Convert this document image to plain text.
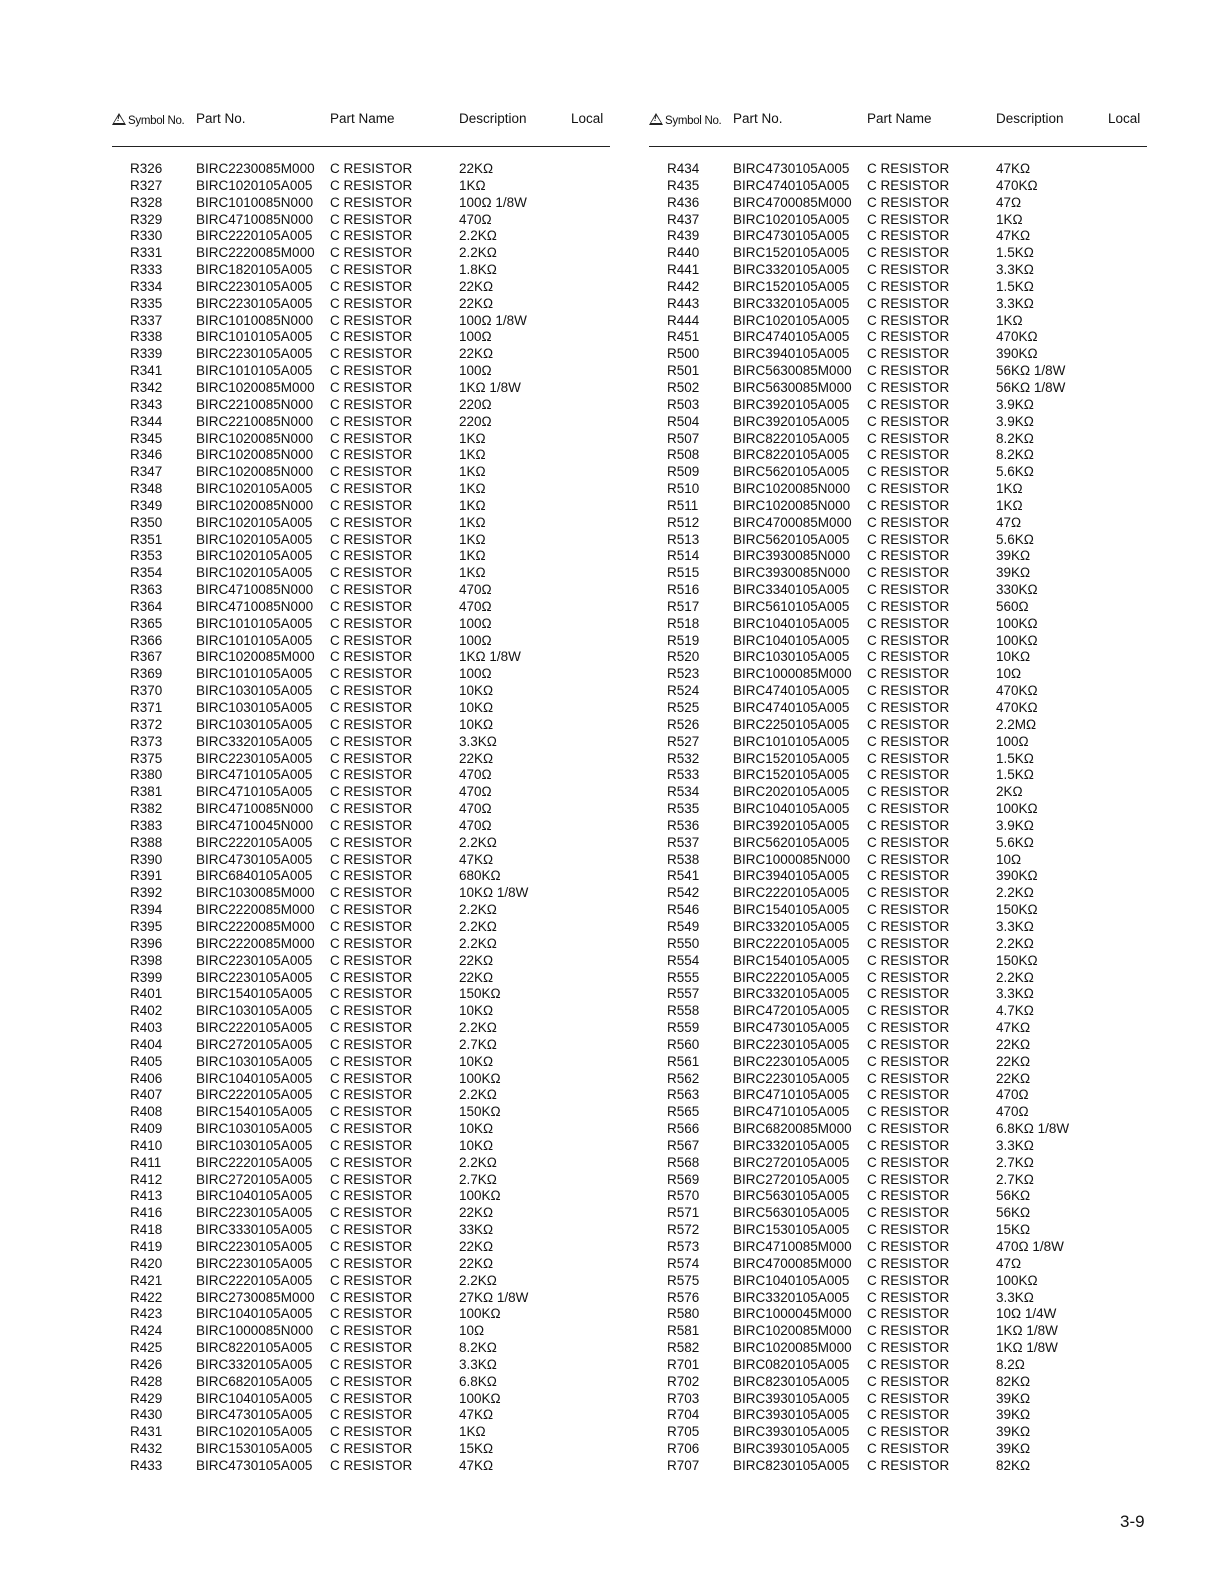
!Symbol No. Part No.	Part Name	Description	Local
R326 BIRC2230085M000 C RESISTOR	22KΩ
R327 BIRC1020105A005 C RESISTOR	1KΩ
R328 BIRC1010085N000 C RESISTOR	100Ω 1/8W
R329 BIRC4710085N000 C RESISTOR	470Ω
R330 BIRC2220105A005 C RESISTOR	2.2KΩ
R331 BIRC2220085M000 C RESISTOR	2.2KΩ
R333 BIRC1820105A005 C RESISTOR	1.8KΩ
R334 BIRC2230105A005 C RESISTOR	22KΩ
R335 BIRC2230105A005 C RESISTOR	22KΩ
R337 BIRC1010085N000 C RESISTOR	100Ω 1/8W
R338 BIRC1010105A005 C RESISTOR	100Ω
R339 BIRC2230105A005 C RESISTOR	22KΩ
R341 BIRC1010105A005 C RESISTOR	100Ω
R342 BIRC1020085M000 C RESISTOR	1KΩ 1/8W
R343 BIRC2210085N000 C RESISTOR	220Ω
R344 BIRC2210085N000 C RESISTOR	220Ω
R345 BIRC1020085N000 C RESISTOR	1KΩ
R346 BIRC1020085N000 C RESISTOR	1KΩ
R347 BIRC1020085N000 C RESISTOR	1KΩ
R348 BIRC1020105A005 C RESISTOR	1KΩ
R349 BIRC1020085N000 C RESISTOR	1KΩ
R350 BIRC1020105A005 C RESISTOR	1KΩ
R351 BIRC1020105A005 C RESISTOR	1KΩ
R353 BIRC1020105A005 C RESISTOR	1KΩ
R354 BIRC1020105A005 C RESISTOR	1KΩ
R363 BIRC4710085N000 C RESISTOR	470Ω
R364 BIRC4710085N000 C RESISTOR	470Ω
R365 BIRC1010105A005 C RESISTOR	100Ω
R366 BIRC1010105A005 C RESISTOR	100Ω
R367 BIRC1020085M000 C RESISTOR	1KΩ 1/8W
R369 BIRC1010105A005 C RESISTOR	100Ω
R370 BIRC1030105A005 C RESISTOR	10KΩ
R371 BIRC1030105A005 C RESISTOR	10KΩ
R372 BIRC1030105A005 C RESISTOR	10KΩ
R373 BIRC3320105A005 C RESISTOR	3.3KΩ
R375 BIRC2230105A005 C RESISTOR	22KΩ
R380 BIRC4710105A005 C RESISTOR	470Ω
R381 BIRC4710105A005 C RESISTOR	470Ω
R382 BIRC4710085N000 C RESISTOR	470Ω
R383 BIRC4710045N000 C RESISTOR	470Ω
R388 BIRC2220105A005 C RESISTOR	2.2KΩ
R390 BIRC4730105A005 C RESISTOR	47KΩ
R391 BIRC6840105A005 C RESISTOR	680KΩ
R392 BIRC1030085M000 C RESISTOR	10KΩ 1/8W
R394 BIRC2220085M000 C RESISTOR	2.2KΩ
R395 BIRC2220085M000 C RESISTOR	2.2KΩ
R396 BIRC2220085M000 C RESISTOR	2.2KΩ
R398 BIRC2230105A005 C RESISTOR	22KΩ
R399 BIRC2230105A005 C RESISTOR	22KΩ
R401 BIRC1540105A005 C RESISTOR	150KΩ
R402 BIRC1030105A005 C RESISTOR	10KΩ
R403 BIRC2220105A005 C RESISTOR	2.2KΩ
R404 BIRC2720105A005 C RESISTOR	2.7KΩ
R405 BIRC1030105A005 C RESISTOR	10KΩ
R406 BIRC1040105A005 C RESISTOR	100KΩ
R407 BIRC2220105A005 C RESISTOR	2.2KΩ
R408 BIRC1540105A005 C RESISTOR	150KΩ
R409 BIRC1030105A005 C RESISTOR	10KΩ
R410 BIRC1030105A005 C RESISTOR	10KΩ
R411	BIRC2220105A005 C RESISTOR	2.2KΩ
R412 BIRC2720105A005 C RESISTOR	2.7KΩ
R413 BIRC1040105A005 C RESISTOR	100KΩ
R416 BIRC2230105A005 C RESISTOR	22KΩ
R418 BIRC3330105A005 C RESISTOR	33KΩ
R419 BIRC2230105A005 C RESISTOR	22KΩ
R420 BIRC2230105A005 C RESISTOR	22KΩ
R421 BIRC2220105A005 C RESISTOR	2.2KΩ
R422 BIRC2730085M000 C RESISTOR	27KΩ 1/8W
R423 BIRC1040105A005 C RESISTOR	100KΩ
R424 BIRC1000085N000 C RESISTOR	10Ω
R425 BIRC8220105A005 C RESISTOR	8.2KΩ
R426 BIRC3320105A005 C RESISTOR	3.3KΩ
R428 BIRC6820105A005 C RESISTOR	6.8KΩ
R429 BIRC1040105A005 C RESISTOR	100KΩ
R430 BIRC4730105A005 C RESISTOR	47KΩ
R431 BIRC1020105A005 C RESISTOR	1KΩ
R432 BIRC1530105A005 C RESISTOR	15KΩ
R433 BIRC4730105A005 C RESISTOR	47KΩ
!Symbol No. Part No.	Part Name	Description	Local
R434 BIRC4730105A005 C RESISTOR	47KΩ
R435 BIRC4740105A005 C RESISTOR	470KΩ
R436 BIRC4700085M000 C RESISTOR	47Ω
R437 BIRC1020105A005 C RESISTOR	1KΩ
R439 BIRC4730105A005 C RESISTOR	47KΩ
R440 BIRC1520105A005 C RESISTOR	1.5KΩ
R441 BIRC3320105A005 C RESISTOR	3.3KΩ
R442 BIRC1520105A005 C RESISTOR	1.5KΩ
R443 BIRC3320105A005 C RESISTOR	3.3KΩ
R444 BIRC1020105A005 C RESISTOR	1KΩ
R451 BIRC4740105A005 C RESISTOR	470KΩ
R500 BIRC3940105A005 C RESISTOR	390KΩ
R501 BIRC5630085M000 C RESISTOR	56KΩ 1/8W
R502 BIRC5630085M000 C RESISTOR	56KΩ 1/8W
R503 BIRC3920105A005 C RESISTOR	3.9KΩ
R504 BIRC3920105A005 C RESISTOR	3.9KΩ
R507 BIRC8220105A005 C RESISTOR	8.2KΩ
R508 BIRC8220105A005 C RESISTOR	8.2KΩ
R509 BIRC5620105A005 C RESISTOR	5.6KΩ
R510 BIRC1020085N000 C RESISTOR	1KΩ
R511	BIRC1020085N000 C RESISTOR	1KΩ
R512 BIRC4700085M000 C RESISTOR	47Ω
R513 BIRC5620105A005 C RESISTOR	5.6KΩ
R514 BIRC3930085N000 C RESISTOR	39KΩ
R515 BIRC3930085N000 C RESISTOR	39KΩ
R516 BIRC3340105A005 C RESISTOR	330KΩ
R517 BIRC5610105A005 C RESISTOR	560Ω
R518 BIRC1040105A005 C RESISTOR	100KΩ
R519 BIRC1040105A005 C RESISTOR	100KΩ
R520 BIRC1030105A005 C RESISTOR	10KΩ
R523 BIRC1000085M000 C RESISTOR	10Ω
R524 BIRC4740105A005 C RESISTOR	470KΩ
R525 BIRC4740105A005 C RESISTOR	470KΩ
R526 BIRC2250105A005 C RESISTOR	2.2MΩ
R527 BIRC1010105A005 C RESISTOR	100Ω
R532 BIRC1520105A005 C RESISTOR	1.5KΩ
R533 BIRC1520105A005 C RESISTOR	1.5KΩ
R534 BIRC2020105A005 C RESISTOR	2KΩ
R535 BIRC1040105A005 C RESISTOR	100KΩ
R536 BIRC3920105A005 C RESISTOR	3.9KΩ
R537 BIRC5620105A005 C RESISTOR	5.6KΩ
R538 BIRC1000085N000 C RESISTOR	10Ω
R541 BIRC3940105A005 C RESISTOR	390KΩ
R542 BIRC2220105A005 C RESISTOR	2.2KΩ
R546 BIRC1540105A005 C RESISTOR	150KΩ
R549 BIRC3320105A005 C RESISTOR	3.3KΩ
R550 BIRC2220105A005 C RESISTOR	2.2KΩ
R554 BIRC1540105A005 C RESISTOR	150KΩ
R555 BIRC2220105A005 C RESISTOR	2.2KΩ
R557 BIRC3320105A005 C RESISTOR	3.3KΩ
R558 BIRC4720105A005 C RESISTOR	4.7KΩ
R559 BIRC4730105A005 C RESISTOR	47KΩ
R560 BIRC2230105A005 C RESISTOR	22KΩ
R561 BIRC2230105A005 C RESISTOR	22KΩ
R562 BIRC2230105A005 C RESISTOR	22KΩ
R563 BIRC4710105A005 C RESISTOR	470Ω
R565 BIRC4710105A005 C RESISTOR	470Ω
R566 BIRC6820085M000 C RESISTOR	6.8KΩ 1/8W
R567 BIRC3320105A005 C RESISTOR	3.3KΩ
R568 BIRC2720105A005 C RESISTOR	2.7KΩ
R569 BIRC2720105A005 C RESISTOR	2.7KΩ
R570 BIRC5630105A005 C RESISTOR	56KΩ
R571 BIRC5630105A005 C RESISTOR	56KΩ
R572 BIRC1530105A005 C RESISTOR	15KΩ
R573 BIRC4710085M000 C RESISTOR	470Ω 1/8W
R574 BIRC4700085M000 C RESISTOR	47Ω
R575 BIRC1040105A005 C RESISTOR	100KΩ
R576 BIRC3320105A005 C RESISTOR	3.3KΩ
R580 BIRC1000045M000 C RESISTOR	10Ω 1/4W
R581 BIRC1020085M000 C RESISTOR	1KΩ 1/8W
R582 BIRC1020085M000 C RESISTOR	1KΩ 1/8W
R701 BIRC0820105A005 C RESISTOR	8.2Ω
R702 BIRC8230105A005 C RESISTOR	82KΩ
R703 BIRC3930105A005 C RESISTOR	39KΩ
R704 BIRC3930105A005 C RESISTOR	39KΩ
R705 BIRC3930105A005 C RESISTOR	39KΩ
R706 BIRC3930105A005 C RESISTOR	39KΩ
R707 BIRC8230105A005 C RESISTOR	82KΩ
3-9
